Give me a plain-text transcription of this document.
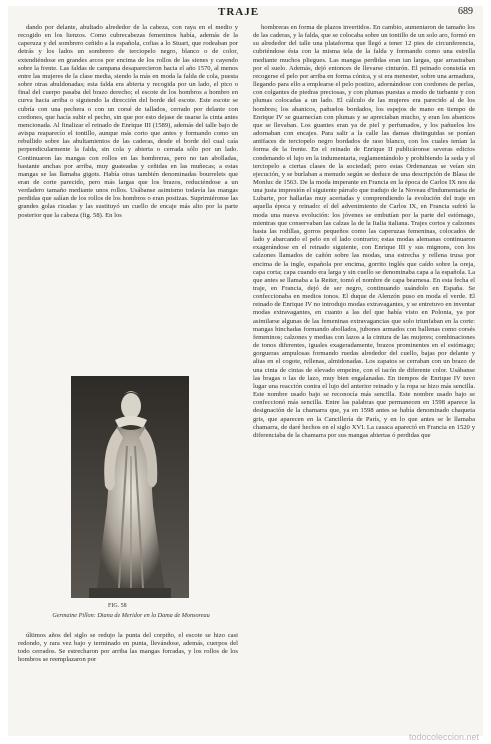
TRAJE	689

dando por delante, abultado alrededor de la cabeza, con raya en el medio y recogido en los lienzos. Como cubrecabezas femeninos había, además de la caperuza y del sombrero ceñido a la española, cofias a lo Stuart, que rodeaban por detrás y los lados un sombrero de terciopelo negro, blanco o de color, extendiéndose en grandes arcos por encima de los rollos de las sienes y cayendo sobre la frente. Las faldas de campana desaparecieron hacia el año 1570, al menos entre las mujeres de la clase media, siendo la más en moda la falda de cola, puesta sobre otras abuldonadas; esta falda era abierta y recogida por un lado, el pico o final del cuerpo pasaba del brazo derecho; el escote de los hombros a hombro en curva hacia arriba o siguiendo la dirección del borde del escote. Este escote se cubría con una pechera o con un corsé de tallados, cerrado por delante con cordones, que hacía subir el pecho, sin que por esto dejase de usarse la cinta antes mencionada. Al finalizar el reinado de Enrique III (1589), además del talle bajo de avispa reaparecío el tontillo, aunque más corto que antes y formando como un rebullido sobre las abultamientos de las caderas, desde el borde del cual caía perpendicularmente la falda, sin cola y abierta o cerrada sólo por un lado. Continuaron las mangas con rollos en las hombreras, pero no tan abolladas, bastante anchas por arriba, muy guateadas y ceñidas en las muñecas; a estas mangas se las llamaba gigots. Había otras también denominadas bourrelets que eran de corte parecido, pero más largas que los brazos, reduciéndose a un verdadero tamaño mediante unos rollos. Usábanse asimismo todavía las mangas perdidas que salían de los rollos de los hombros o eran postizas. Suprimiéronse las grandes golas rizadas y las sustituyó un cuello de encaje más alto por la parte posterior que la cabeza (fig. 58). En los

FIG. 58
Germaine Pillon: Diana de Meridor en la Dama de Monsoreau

últimos años del siglo se redujo la punta del corpiño, el escote se hizo casi redondo, y rara vez bajo y terminado en punta, llevándose, además, cuerpos del todo cerrados. Se estrecharon por arriba las mangas forradas, y los rollos de los hombros se reemplazaron por

hombreras en forma de plazos invertidos. En cambio, aumentaron de tamaño los de las caderas, y la falda, que se colocaba sobre un tontillo de un solo aro, formó en su alrededor del talle una plataforma que llegó a tener 12 pies de circunferencia, cubriéndose ésta con la misma tela de la falda y formando como una estrella mediante muchos pliegues. Las mangas perdidas eran tan largas, que arrastraban por el suelo. Además, dejó entonces de llevarse cinturón. El peinado consistía en recogerse el pelo por arriba en forma cónica, y si era menester, sobre una armadura, llegando para ello a emplearse el pelo postizo, adornándose con cordones de perlas, con colgantes de piedras preciosas, y con plumas puestas a modo de turbante y con plumas colocadas a un lado. El cálculo de las mujeres era parecido al de los hombres; los abanicos, pañuelos bordados, los espejos de mano en tiempo de Enrique IV se guarnecían con plumas y se apreciaban mucho, y eran los abanicos que se llevaban. Los guantes eran ya de piel y perfumados, y los pañuelos los adornaban con encajes. Para salir a la calle las damas distinguidas se ponían antifaces de terciopelo negro bordados de raso blanco, con los cuales tenían la forma de la frente. En el reinado de Enrique II publicáronse severas edictos condenando el lujo en la indumentaria, reglamentándolo y prohibiendo la seda y el terciopelo a ciertas clases de la sociedad; pero estas Ordenanzas se veían sin ejecución, y se burlaban a menudo según se deduce de una descripción de Blasa de Monluc de 1563. De la moda imperante en Francia en la época de Carlos IX nos da una justa impresión el siguiente párrafo que tradujo de la Noveau d'Indumentaria de Lubarte, por hallarlas muy acertadas y comprendiendo la evolución del traje en aquella época y reinado: el del advenimiento de Carlos IX, en Francia sufrió la moda una nueva evolución: los jóvenes se embutían por la parte del estómago, mientras que conservaban las calzas la de la Italia italiana. Trajes cortos y calzones hasta las rodillas, gorros pequeños como las caperuzas femeninas, colocados de lado y abarcando el pelo en el lado contrario; estas modas alemanas continuaron exagerándose en el reinado siguiente, con Enrique III y sus mignons, con los calzones llamados de cañón sobre las modas, una estrecha y rellena trusa por encima de la ingle, española por encima, gorrito inglés que caído sobre la oreja, capa corta; capa cuando era larga y sin cuello se denominaba capa a la española. La que antes se llamaba a la Reiter, tomó el nombre de capa bearnesa. En esta fecha el traje, en Francia, dejó de ser negro, continuando usándolo en España. Se confeccionaba en medios tonos. El duque de Alenzón puso en moda el verde. El reinado de Enrique IV no introdujo modas extravagantes, y se entretuvo en inventar modas extravagantes, en cuanto a las del que había visto en Polonia, ya por asimilarse algunas de las femeninas extravagancias que solo triunfaban en la corte: mangas hinchadas formando abollados, jubones armados con ballenas como corsés femeninos; calzones y medias con lazos a la cintura de las mujeres; combinaciones de tonos diferentes, iguales exageradamente, brazos prominentes en el estómago; gorgueras ampulosas formando ruedas alrededor del cuello, bajas por delante y altas en el cogote, rellenas, almidonadas. Los zapatos se cerraban con un brazo de una cinta de cintas de elevado empeine, con el tacón de diferente color. Usábanse las bragas o las de lazo, muy bien engalanadas. En tiempos de Enrique IV tuvo lugar una reacción contra el lujo del anterior reinado y la ropa se hizo más sencilla. Este nombre usado bajo se reconocía más sencilla. Este nombre usado bajo se confeccionó más sencilla. Entre las palabras que permanecen en 1598 aparece la designación de la chamarra que, ya en 1598 antes se había denominado chaqueta gris, que aparecen en la Cancillería de París, y en lo que antes se le llamaba chamarra, de daré hechos en el siglo XVI. La casaca apareció en Francia en 1520 y diferenciaba de la chamarra por sus mangas abiertas ó perdidas que

todocoleccion.net
